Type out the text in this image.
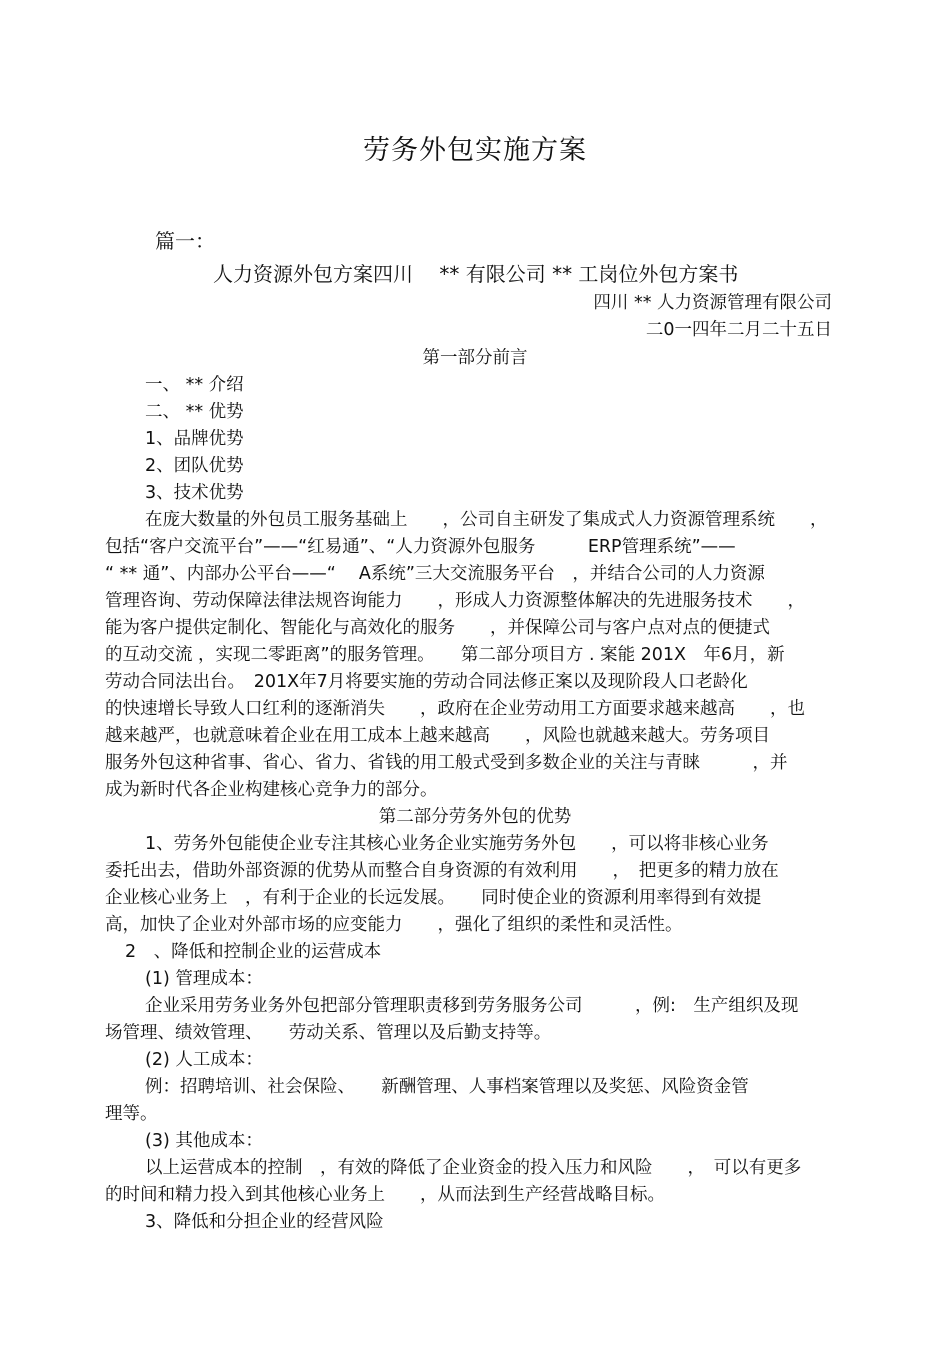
劳务外包实施方案
篇一：
人力资源外包方案四川　 ** 有限公司 ** 工岗位外包方案书
四川 ** 人力资源管理有限公司
二0一四年二月二十五日
第一部分前言
一、 ** 介绍
二、 ** 优势
1、品牌优势
2、团队优势
3、技术优势
在庞大数量的外包员工服务基础上　　，公司自主研发了集成式人力资源管理系统　　，
包括“客户交流平台”——“红易通”、“人力资源外包服务　　　ERP管理系统”——
“ ** 通”、内部办公平台——“　 A系统”三大交流服务平台　，并结合公司的人力资源
管理咨询、劳动保障法律法规咨询能力　　，形成人力资源整体解决的先进服务技术　　，
能为客户提供定制化、智能化与高效化的服务　　，并保障公司与客户点对点的便捷式
的互动交流 ，实现二零距离”的服务管理。　　第二部分项目方 . 案能 201X　年6月，新
劳动合同法出台。　201X年7月将要实施的劳动合同法修正案以及现阶段人口老龄化
的快速增长导致人口红利的逐渐消失　　，政府在企业劳动用工方面要求越来越高　　，也
越来越严，也就意味着企业在用工成本上越来越高　　，风险也就越来越大。劳务项目
服务外包这种省事、省心、省力、省钱的用工般式受到多数企业的关注与青睐　　　，并
成为新时代各企业构建核心竞争力的部分。
第二部分劳务外包的优势
1、劳务外包能使企业专注其核心业务企业实施劳务外包　　，可以将非核心业务
委托出去，借助外部资源的优势从而整合自身资源的有效利用　　，　把更多的精力放在
企业核心业务上　，有利于企业的长远发展。　　同时使企业的资源利用率得到有效提
高，加快了企业对外部市场的应变能力　　，强化了组织的柔性和灵活性。
2　、降低和控制企业的运营成本
(1) 管理成本：
企业采用劳务业务外包把部分管理职责移到劳务服务公司　　　，例:　生产组织及现
场管理、绩效管理、　　劳动关系、管理以及后勤支持等。
(2) 人工成本：
例：招聘培训、社会保险、　　新酬管理、人事档案管理以及奖惩、风险资金管
理等。
(3) 其他成本：
以上运营成本的控制　，有效的降低了企业资金的投入压力和风险　　，　可以有更多
的时间和精力投入到其他核心业务上　　，从而法到生产经营战略目标。
3、降低和分担企业的经营风险
